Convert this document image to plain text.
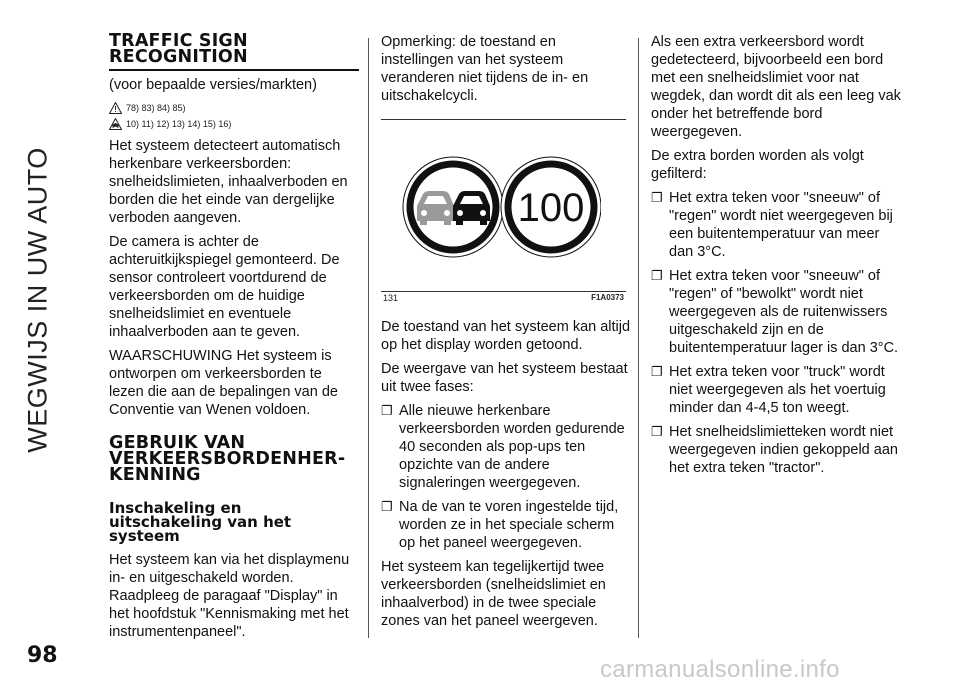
WEGWIJS IN UW AUTO
TRAFFIC SIGN RECOGNITION

(voor bepaalde versies/markten)

78) 83) 84) 85)
10) 11) 12) 13) 14) 15) 16)

Het systeem detecteert automatisch herkenbare verkeersborden: snelheidslimieten, inhaalverboden en borden die het einde van dergelijke verboden aangeven.

De camera is achter de achteruitkijkspiegel gemonteerd. De sensor controleert voortdurend de verkeersborden om de huidige snelheidslimiet en eventuele inhaalverboden aan te geven.

WAARSCHUWING Het systeem is ontworpen om verkeersborden te lezen die aan de bepalingen van de Conventie van Wenen voldoen.

GEBRUIK VAN VERKEERSBORDENHER- KENNING
Inschakeling en uitschakeling van het systeem

Het systeem kan via het displaymenu in- en uitgeschakeld worden. Raadpleeg de paragaaf "Display" in het hoofdstuk "Kennismaking met het instrumentenpaneel".

Opmerking: de toestand en instellingen van het systeem veranderen niet tijdens de in- en uitschakelcycli.

100
131	F1A0373

De toestand van het systeem kan altijd op het display worden getoond.

De weergave van het systeem bestaat uit twee fases:

❐ Alle nieuwe herkenbare verkeersborden worden gedurende 40 seconden als pop-ups ten opzichte van de andere signaleringen weergegeven.
❐ Na de van te voren ingestelde tijd, worden ze in het speciale scherm op het paneel weergegeven.

Het systeem kan tegelijkertijd twee verkeersborden (snelheidslimiet en inhaalverbod) in de twee speciale zones van het paneel weergeven.

Als een extra verkeersbord wordt gedetecteerd, bijvoorbeeld een bord met een snelheidslimiet voor nat wegdek, dan wordt dit als een leeg vak onder het betreffende bord weergegeven.

De extra borden worden als volgt gefilterd:

❐ Het extra teken voor "sneeuw" of "regen" wordt niet weergegeven bij een buitentemperatuur van meer dan 3°C.
❐ Het extra teken voor "sneeuw" of "regen" of "bewolkt" wordt niet weergegeven als de ruitenwissers uitgeschakeld zijn en de buitentemperatuur lager is dan 3°C.
❐ Het extra teken voor "truck" wordt niet weergegeven als het voertuig minder dan 4-4,5 ton weegt.
❐ Het snelheidslimietteken wordt niet weergegeven indien gekoppeld aan het extra teken "tractor".
98
carmanualsonline.info
